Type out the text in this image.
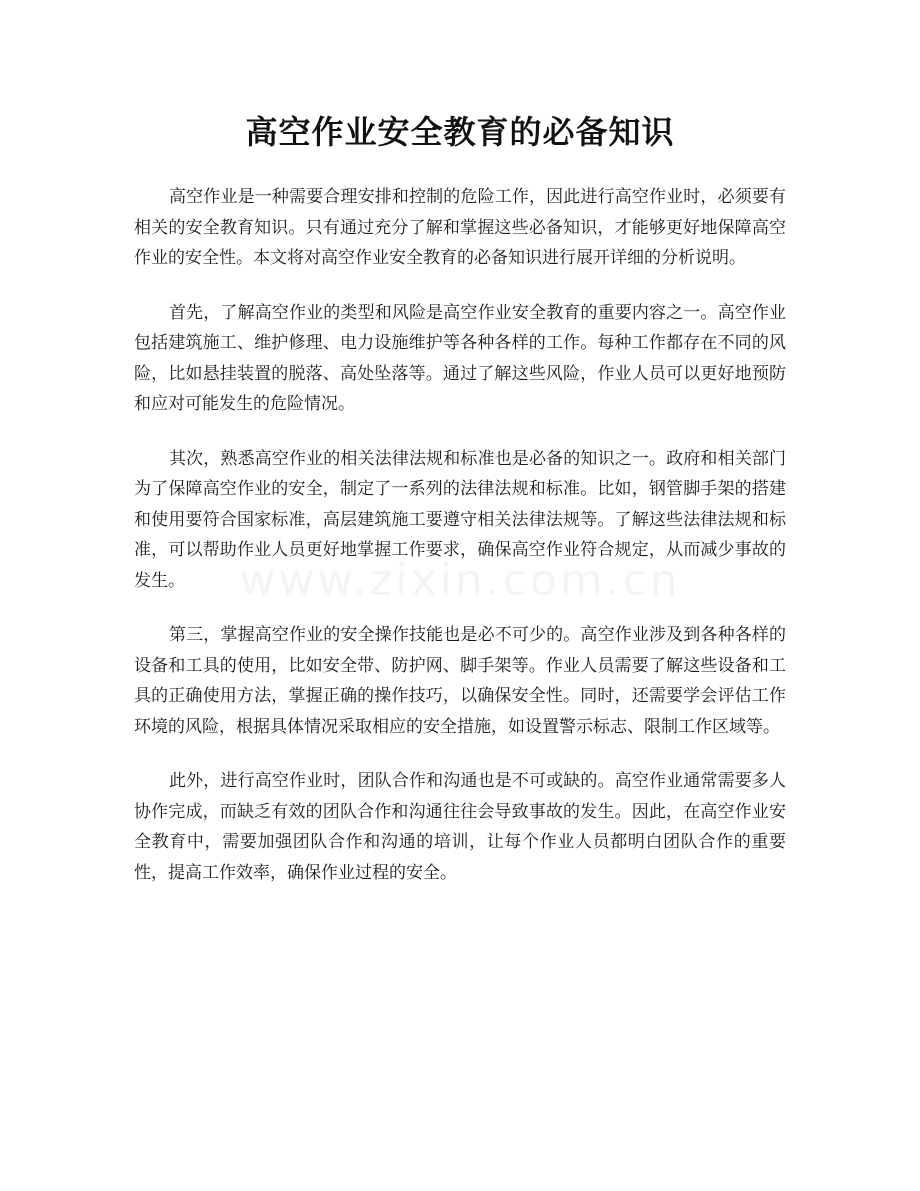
高空作业安全教育的必备知识
www.zixin.com.cn

高空作业是一种需要合理安排和控制的危险工作，因此进行高空作业时，必须要有相关的安全教育知识。只有通过充分了解和掌握这些必备知识，才能够更好地保障高空作业的安全性。本文将对高空作业安全教育的必备知识进行展开详细的分析说明。

首先，了解高空作业的类型和风险是高空作业安全教育的重要内容之一。高空作业包括建筑施工、维护修理、电力设施维护等各种各样的工作。每种工作都存在不同的风险，比如悬挂装置的脱落、高处坠落等。通过了解这些风险，作业人员可以更好地预防和应对可能发生的危险情况。

其次，熟悉高空作业的相关法律法规和标准也是必备的知识之一。政府和相关部门为了保障高空作业的安全，制定了一系列的法律法规和标准。比如，钢管脚手架的搭建和使用要符合国家标准，高层建筑施工要遵守相关法律法规等。了解这些法律法规和标准，可以帮助作业人员更好地掌握工作要求，确保高空作业符合规定，从而减少事故的发生。

第三，掌握高空作业的安全操作技能也是必不可少的。高空作业涉及到各种各样的设备和工具的使用，比如安全带、防护网、脚手架等。作业人员需要了解这些设备和工具的正确使用方法，掌握正确的操作技巧，以确保安全性。同时，还需要学会评估工作环境的风险，根据具体情况采取相应的安全措施，如设置警示标志、限制工作区域等。

此外，进行高空作业时，团队合作和沟通也是不可或缺的。高空作业通常需要多人协作完成，而缺乏有效的团队合作和沟通往往会导致事故的发生。因此，在高空作业安全教育中，需要加强团队合作和沟通的培训，让每个作业人员都明白团队合作的重要性，提高工作效率，确保作业过程的安全。
